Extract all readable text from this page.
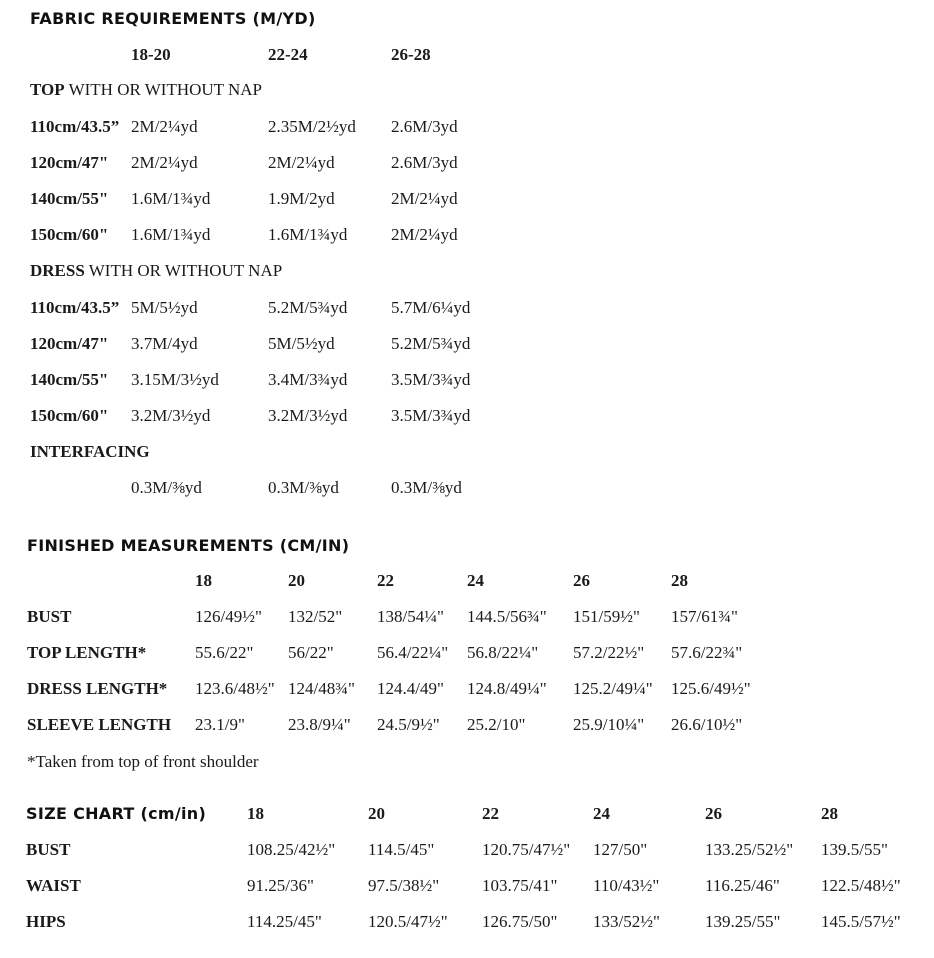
FABRIC REQUIREMENTS (M/YD)
18-20	22-24	26-28
TOP WITH OR WITHOUT NAP
110cm/43.5” 2M/2¼yd	2.35M/2½yd 2.6M/3yd
120cm/47" 2M/2¼yd	2M/2¼yd	2.6M/3yd
140cm/55" 1.6M/1¾yd	1.9M/2yd	2M/2¼yd
150cm/60" 1.6M/1¾yd	1.6M/1¾yd	2M/2¼yd
DRESS WITH OR WITHOUT NAP
110cm/43.5” 5M/5½yd	5.2M/5¾yd	5.7M/6¼yd
120cm/47" 3.7M/4yd	5M/5½yd	5.2M/5¾yd
140cm/55" 3.15M/3½yd	3.4M/3¾yd	3.5M/3¾yd
150cm/60" 3.2M/3½yd	3.2M/3½yd	3.5M/3¾yd
INTERFACING
0.3M/⅜yd	0.3M/⅜yd	0.3M/⅜yd
FINISHED MEASUREMENTS (CM/IN)
18	20	22	24	26	28
BUST	126/49½" 132/52" 138/54¼" 144.5/56¾" 151/59½" 157/61¾"
TOP LENGTH*	55.6/22" 56/22"	56.4/22¼" 56.8/22¼" 57.2/22½" 57.6/22¾"
DRESS LENGTH* 123.6/48½" 124/48¾" 124.4/49" 124.8/49¼" 125.2/49¼" 125.6/49½"
SLEEVE LENGTH 23.1/9"	23.8/9¼" 24.5/9½" 25.2/10"	25.9/10¼" 26.6/10½"
*Taken from top of front shoulder
SIZE CHART (cm/in) 18	20	22	24	26	28
BUST	108.25/42½" 114.5/45"	120.75/47½" 127/50"	133.25/52½" 139.5/55"
WAIST	91.25/36"	97.5/38½"	103.75/41" 110/43½"	116.25/46" 122.5/48½"
HIPS	114.25/45"	120.5/47½" 126.75/50" 133/52½"	139.25/55" 145.5/57½"
